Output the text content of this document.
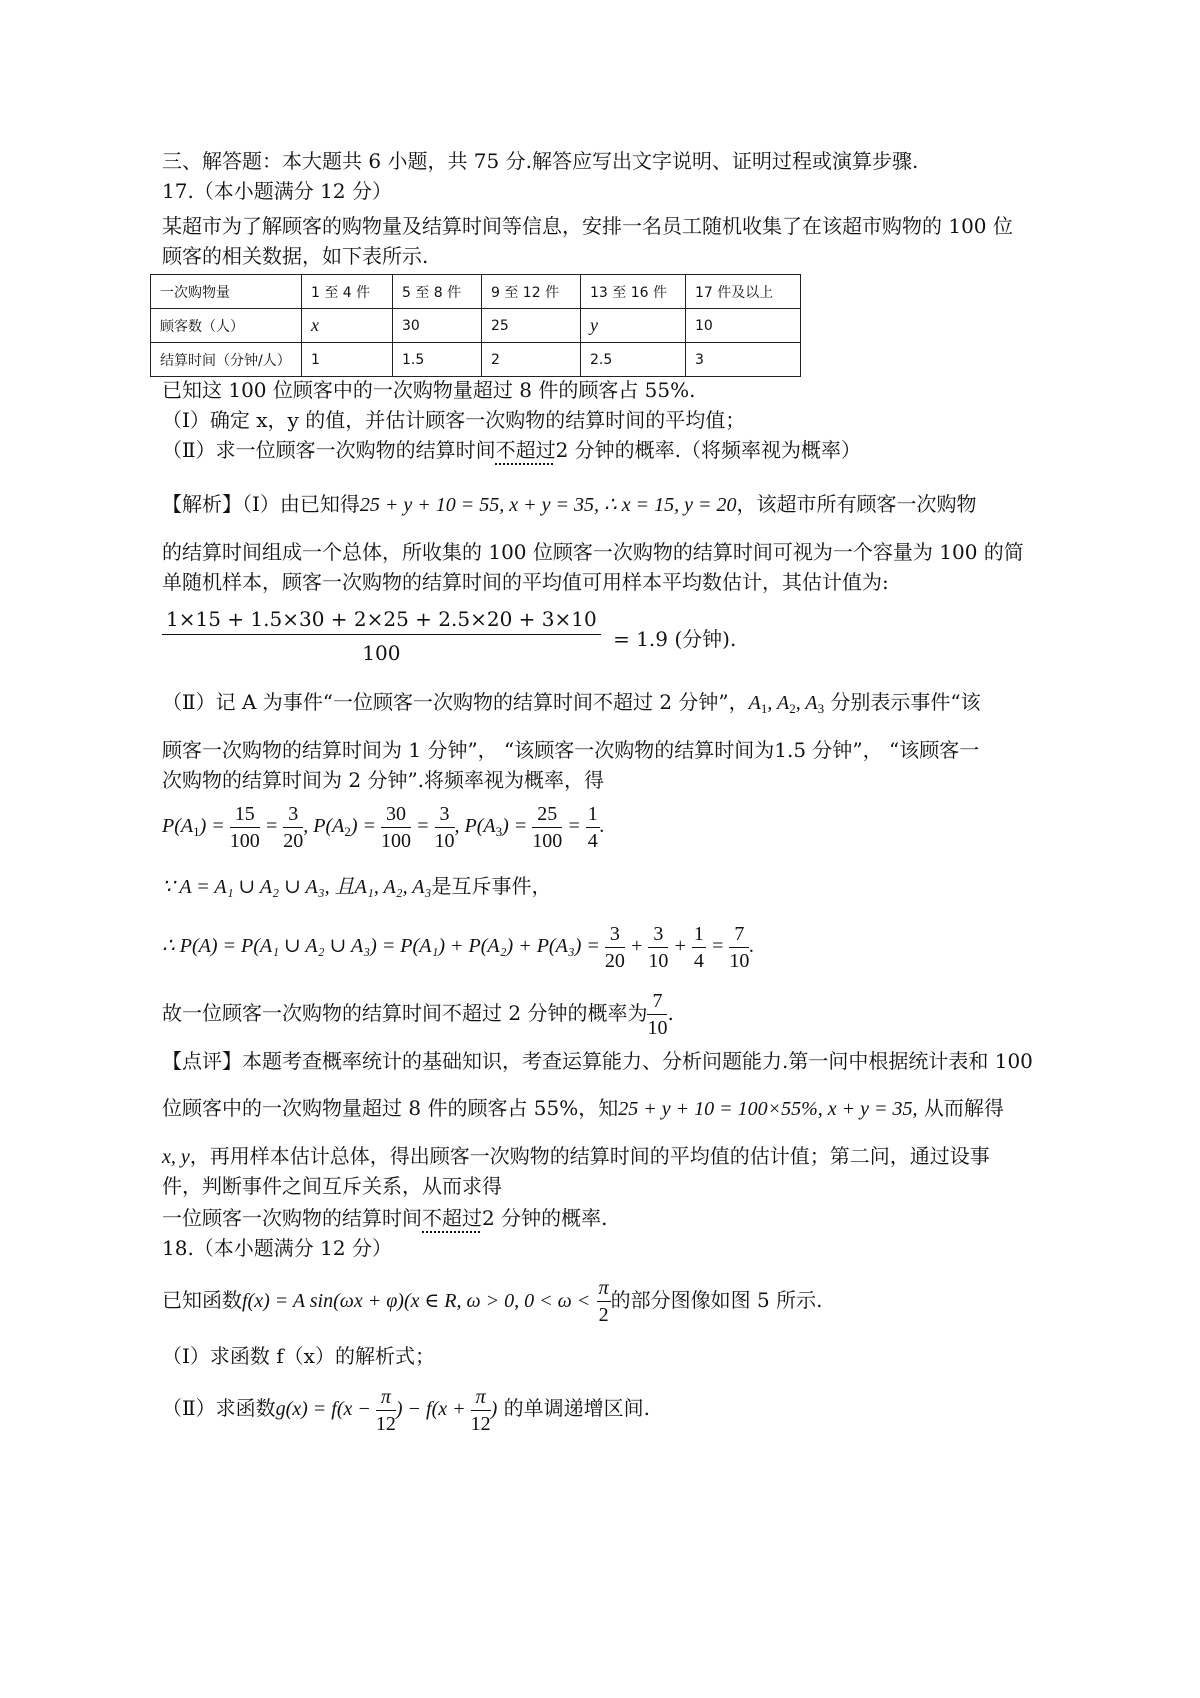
三、解答题：本大题共 6 小题，共 75 分.解答应写出文字说明、证明过程或演算步骤.
17.（本小题满分 12 分）
某超市为了解顾客的购物量及结算时间等信息，安排一名员工随机收集了在该超市购物的 100 位
顾客的相关数据，如下表所示.
一次购物量	1 至 4 件	5 至 8 件	9 至 12 件	13 至 16 件	17 件及以上
顾客数（人）	x	30	25	y	10
结算时间（分钟/人）	1	1.5	2	2.5	3
已知这 100 位顾客中的一次购物量超过 8 件的顾客占 55%.
（Ⅰ）确定 x，y 的值，并估计顾客一次购物的结算时间的平均值；
（Ⅱ）求一位顾客一次购物的结算时间不超过2 分钟的概率.（将频率视为概率）
【解析】（Ⅰ）由已知得25 + y + 10 = 55, x + y = 35, ∴ x = 15, y = 20，该超市所有顾客一次购物
的结算时间组成一个总体，所收集的 100 位顾客一次购物的结算时间可视为一个容量为 100 的简
单随机样本，顾客一次购物的结算时间的平均值可用样本平均数估计，其估计值为:
$\frac{1\times 15 + 1.5\times 30 + 2\times 25 + 2.5\times 20 + 3\times 10}{100} = 1.9$ (分钟).
（Ⅱ）记 A 为事件“一位顾客一次购物的结算时间不超过 2 分钟”，$A_1$, $A_2$, $A_3$ 分别表示事件“该
顾客一次购物的结算时间为 1 分钟”， “该顾客一次购物的结算时间为1.5 分钟”， “该顾客一
次购物的结算时间为 2 分钟”.将频率视为概率，得
$P(A_1) = \frac{15}{100} = \frac{3}{20}$ , $P(A_2) = \frac{30}{100} = \frac{3}{10}$ , $P(A_3) = \frac{25}{100} = \frac{1}{4}$ .
∵ A = A₁ ∪ A₂ ∪ A₃, 且A₁, A₂, A₃是互斥事件，
∴ P(A) = P(A₁ ∪ A₂ ∪ $A_3) = P(A_1) + P(A_2) + P(A_3) = \frac{3}{20} + \frac{3}{10} + \frac{1}{4} = \frac{7}{10}$ .
故一位顾客一次购物的结算时间不超过 2 分钟的概率为 $\frac{7}{10}$ .
【点评】本题考查概率统计的基础知识，考查运算能力、分析问题能力.第一问中根据统计表和 100
位顾客中的一次购物量超过 8 件的顾客占 55%，知25 + y + 10 = 100×55%, x + y = 35, 从而解得
x, y，再用样本估计总体，得出顾客一次购物的结算时间的平均值的估计值；第二问，通过设事
件，判断事件之间互斥关系，从而求得
一位顾客一次购物的结算时间不超过2 分钟的概率.
18.（本小题满分 12 分）
已知函数f(x) = A sin(ωx + φ)(x ∈ R, ω > 0, $0 < \omega < \frac{\pi}{2}$ 的部分图像如图 5 所示.
（Ⅰ）求函数 f（x）的解析式；
（Ⅱ）求函数$g(x) = f(x - \frac{\pi}{12}$ ) − $f(x + \frac{\pi}{12}$ ) 的单调递增区间.
